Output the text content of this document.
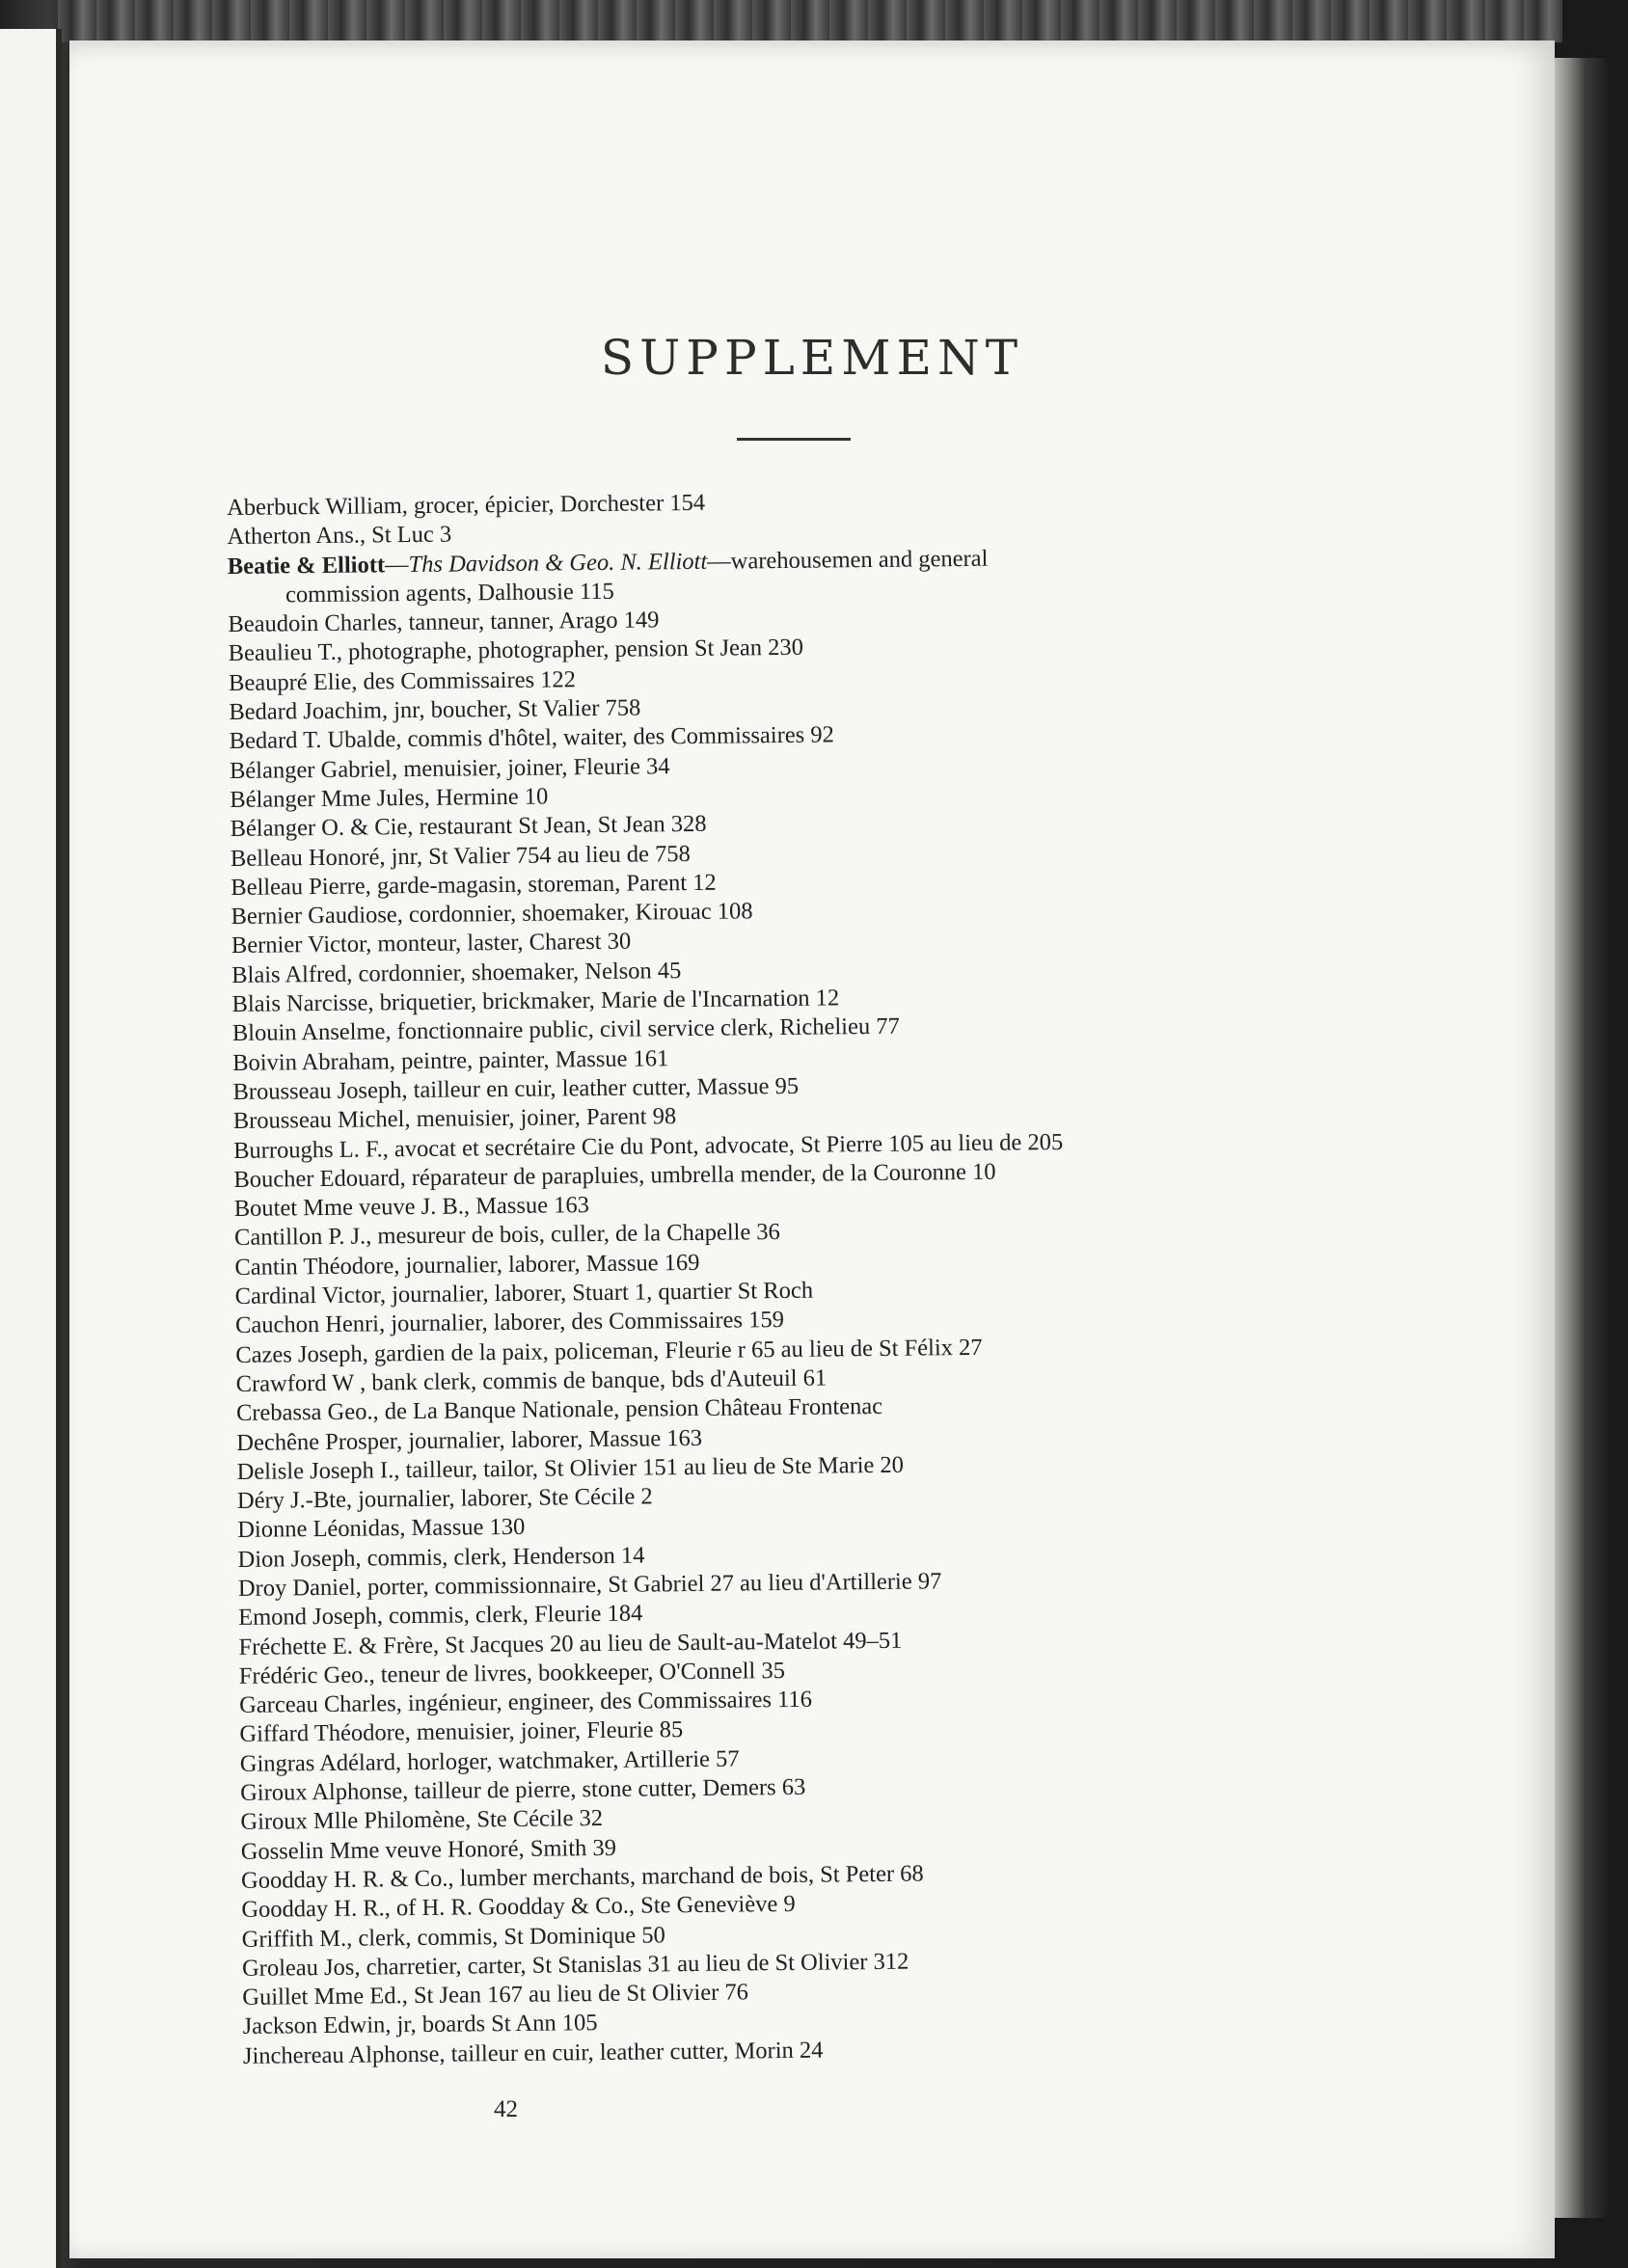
SUPPLEMENT
Aberbuck William, grocer, épicier, Dorchester 154
Atherton Ans., St Luc 3
Beatie & Elliott—Ths Davidson & Geo. N. Elliott—warehousemen and general
commission agents, Dalhousie 115
Beaudoin Charles, tanneur, tanner, Arago 149
Beaulieu T., photographe, photographer, pension St Jean 230
Beaupré Elie, des Commissaires 122
Bedard Joachim, jnr, boucher, St Valier 758
Bedard T. Ubalde, commis d'hôtel, waiter, des Commissaires 92
Bélanger Gabriel, menuisier, joiner, Fleurie 34
Bélanger Mme Jules, Hermine 10
Bélanger O. & Cie, restaurant St Jean, St Jean 328
Belleau Honoré, jnr, St Valier 754 au lieu de 758
Belleau Pierre, garde-magasin, storeman, Parent 12
Bernier Gaudiose, cordonnier, shoemaker, Kirouac 108
Bernier Victor, monteur, laster, Charest 30
Blais Alfred, cordonnier, shoemaker, Nelson 45
Blais Narcisse, briquetier, brickmaker, Marie de l'Incarnation 12
Blouin Anselme, fonctionnaire public, civil service clerk, Richelieu 77
Boivin Abraham, peintre, painter, Massue 161
Brousseau Joseph, tailleur en cuir, leather cutter, Massue 95
Brousseau Michel, menuisier, joiner, Parent 98
Burroughs L. F., avocat et secrétaire Cie du Pont, advocate, St Pierre 105 au lieu de 205
Boucher Edouard, réparateur de parapluies, umbrella mender, de la Couronne 10
Boutet Mme veuve J. B., Massue 163
Cantillon P. J., mesureur de bois, culler, de la Chapelle 36
Cantin Théodore, journalier, laborer, Massue 169
Cardinal Victor, journalier, laborer, Stuart 1, quartier St Roch
Cauchon Henri, journalier, laborer, des Commissaires 159
Cazes Joseph, gardien de la paix, policeman, Fleurie r 65 au lieu de St Félix 27
Crawford W , bank clerk, commis de banque, bds d'Auteuil 61
Crebassa Geo., de La Banque Nationale, pension Château Frontenac
Dechêne Prosper, journalier, laborer, Massue 163
Delisle Joseph I., tailleur, tailor, St Olivier 151 au lieu de Ste Marie 20
Déry J.-Bte, journalier, laborer, Ste Cécile 2
Dionne Léonidas, Massue 130
Dion Joseph, commis, clerk, Henderson 14
Droy Daniel, porter, commissionnaire, St Gabriel 27 au lieu d'Artillerie 97
Emond Joseph, commis, clerk, Fleurie 184
Fréchette E. & Frère, St Jacques 20 au lieu de Sault-au-Matelot 49–51
Frédéric Geo., teneur de livres, bookkeeper, O'Connell 35
Garceau Charles, ingénieur, engineer, des Commissaires 116
Giffard Théodore, menuisier, joiner, Fleurie 85
Gingras Adélard, horloger, watchmaker, Artillerie 57
Giroux Alphonse, tailleur de pierre, stone cutter, Demers 63
Giroux Mlle Philomène, Ste Cécile 32
Gosselin Mme veuve Honoré, Smith 39
Goodday H. R. & Co., lumber merchants, marchand de bois, St Peter 68
Goodday H. R., of H. R. Goodday & Co., Ste Geneviève 9
Griffith M., clerk, commis, St Dominique 50
Groleau Jos, charretier, carter, St Stanislas 31 au lieu de St Olivier 312
Guillet Mme Ed., St Jean 167 au lieu de St Olivier 76
Jackson Edwin, jr, boards St Ann 105
Jinchereau Alphonse, tailleur en cuir, leather cutter, Morin 24

42
